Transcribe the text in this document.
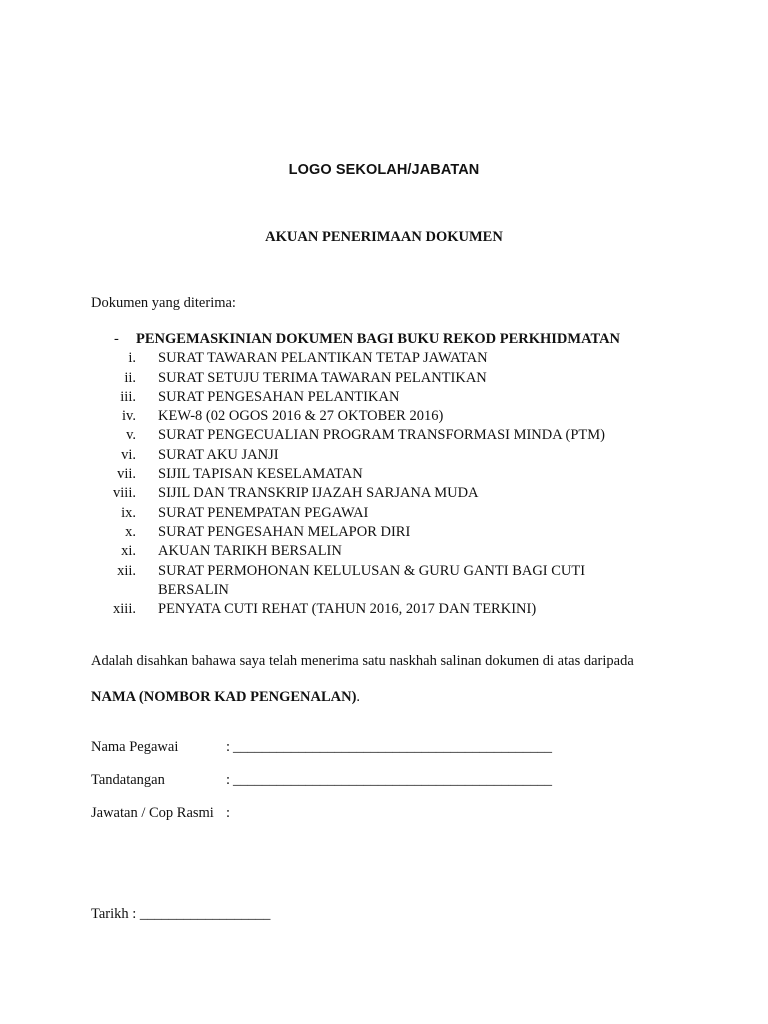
LOGO SEKOLAH/JABATAN
AKUAN PENERIMAAN DOKUMEN
Dokumen yang diterima:
-	PENGEMASKINIAN DOKUMEN BAGI BUKU REKOD PERKHIDMATAN
i. SURAT TAWARAN PELANTIKAN TETAP JAWATAN
ii. SURAT SETUJU TERIMA TAWARAN PELANTIKAN
iii. SURAT PENGESAHAN PELANTIKAN
iv. KEW-8 (02 OGOS 2016 & 27 OKTOBER 2016)
v. SURAT PENGECUALIAN PROGRAM TRANSFORMASI MINDA (PTM)
vi. SURAT AKU JANJI
vii. SIJIL TAPISAN KESELAMATAN
viii. SIJIL DAN TRANSKRIP IJAZAH SARJANA MUDA
ix. SURAT PENEMPATAN PEGAWAI
x. SURAT PENGESAHAN MELAPOR DIRI
xi. AKUAN TARIKH BERSALIN
xii. SURAT PERMOHONAN KELULUSAN & GURU GANTI BAGI CUTI BERSALIN
xiii. PENYATA CUTI REHAT (TAHUN 2016, 2017 DAN TERKINI)
Adalah disahkan bahawa saya telah menerima satu naskhah salinan dokumen di atas daripada
NAMA (NOMBOR KAD PENGENALAN).
Nama Pegawai	: ____________________________________________
Tandatangan	: ____________________________________________
Jawatan / Cop Rasmi :
Tarikh : __________________
